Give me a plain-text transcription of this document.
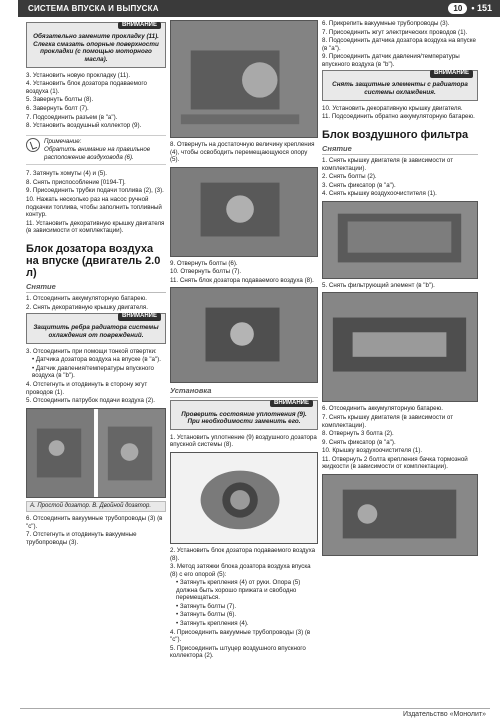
СИСТЕМА ВПУСКА И ВЫПУСКА	10	• 151
ВНИМАНИЕ
Обязательно замените прокладку (11). Слегка смазать опорные поверхности прокладки (с помощью моторного масла).

3. Установить новую прокладку (11).

4. Установить блок дозатора подаваемого воздуха (1).

5. Завернуть болты (8).

6. Завернуть болт (7).

7. Подсоединить разъем (в "а").

8. Установить воздушный коллектор (9).

Примечание:

Обратить внимание на правильное расположение воздуховода (6).

7. Затянуть хомуты (4) и (5).

8. Снять приспособление [0194-T].

9. Присоединить трубки подачи топлива (2), (3).

10. Нажать несколько раз на насос ручной подкачки топлива, чтобы заполнить топливный контур.

11. Установить декоративную крышку двигателя (в зависимости от комплектации).

Блок дозатора воздуха на впуске (двигатель 2.0 л)
Снятие

1. Отсоединить аккумуляторную батарею.

2. Снять декоративную крышку двигателя.

ВНИМАНИЕ
Защитить ребра радиатора системы охлаждения от повреждений.

3. Отсоединить при помощи тонкой отвертки:

• Датчика дозатора воздуха на впуске (в "а").

• Датчик давления/температуры впускного воздуха (в "b").

4. Отстегнуть и отодвинуть в сторону жгут проводов (1).

5. Отсоединить патрубок подачи воздуха (2).

A. Простой дозатор. B. Двойной дозатор.

6. Отсоединить вакуумные трубопроводы (3) (в "c").

7. Отстегнуть и отодвинуть вакуумные трубопроводы (3).

8. Отвернуть на достаточную величину крепления (4), чтобы освободить перемещающуюся опору (5).

9. Отвернуть болты (6).

10. Отвернуть болты (7).

11. Снять блок дозатора подаваемого воздуха (8).

Установка
ВНИМАНИЕ
Проверить состояние уплотнения (9). При необходимости заменить его.

1. Установить уплотнение (9) воздушного дозатора впускной системы (8).

2. Установить блок дозатора подаваемого воздуха (8).

3. Метод затяжки блока дозатора воздуха впуска (8) с его опорой (5):

• Затянуть крепления (4) от руки. Опора (5) должна быть хорошо прижата и свободно перемещаться.

• Затянуть болты (7).

• Затянуть болты (6).

• Затянуть крепления (4).

4. Присоединить вакуумные трубопроводы (3) (в "c").

5. Присоединить штуцер воздушного впускного коллектора (2).

6. Прикрепить вакуумные трубопроводы (3).

7. Присоединить жгут электрических проводов (1).

8. Подсоединить датчика дозатора воздуха на впуске (в "а").

9. Присоединить датчик давления/температуры впускного воздуха (в "b").

ВНИМАНИЕ
Снять защитные элементы с радиатора системы охлаждения.

10. Установить декоративную крышку двигателя.

11. Подсоединить обратно аккумуляторную батарею.

Блок воздушного фильтра
Снятие

1. Снять крышку двигателя (в зависимости от комплектации).

2. Снять болты (2).

3. Снять фиксатор (в "а").

4. Снять крышку воздухоочистителя (1).

5. Снять фильтрующий элемент (в "b").

6. Отсоединить аккумуляторную батарею.

7. Снять крышку двигателя (в зависимости от комплектации).

8. Отвернуть 3 болта (2).

9. Снять фиксатор (в "а").

10. Крышку воздухоочистителя (1).

11. Отвернуть 2 болта крепления бачка тормозной жидкости (в зависимости от комплектации).

Издательство «Монолит»
